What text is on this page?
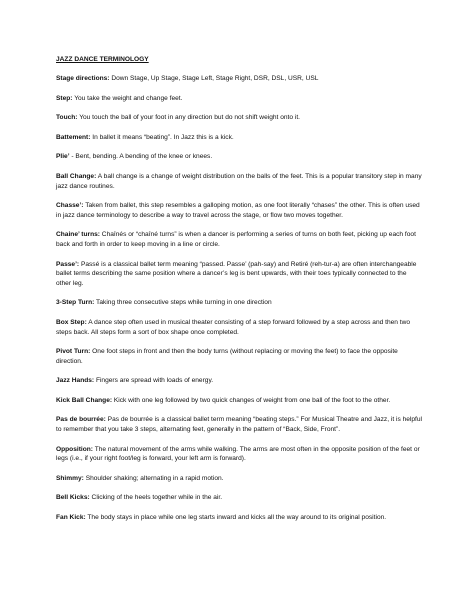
JAZZ DANCE TERMINOLOGY

Stage directions: Down Stage, Up Stage, Stage Left, Stage Right, DSR, DSL, USR, USL

Step: You take the weight and change feet.

Touch: You touch the ball of your foot in any direction but do not shift weight onto it.

Battement: In ballet it means “beating”. In Jazz this is a kick.

Plie’ - Bent, bending. A bending of the knee or knees.

Ball Change: A ball change is a change of weight distribution on the balls of the feet. This is a popular transitory step in many jazz dance routines.

Chasse’: Taken from ballet, this step resembles a galloping motion, as one foot literally “chases” the other. This is often used in jazz dance terminology to describe a way to travel across the stage, or flow two moves together.

Chaine’ turns: Chaînés or “chaîné turns” is when a dancer is performing a series of turns on both feet, picking up each foot back and forth in order to keep moving in a line or circle.

Passe’: Passé is a classical ballet term meaning “passed. Passe’ (pah-say) and Retiré (reh-tur-a) are often interchangeable ballet terms describing the same position where a dancer’s leg is bent upwards, with their toes typically connected to the other leg.

3-Step Turn: Taking three consecutive steps while turning in one direction

Box Step: A dance step often used in musical theater consisting of a step forward followed by a step across and then two steps back. All steps form a sort of box shape once completed.

Pivot Turn: One foot steps in front and then the body turns (without replacing or moving the feet) to face the opposite direction.

Jazz Hands: Fingers are spread with loads of energy.

Kick Ball Change: Kick with one leg followed by two quick changes of weight from one ball of the foot to the other.

Pas de bourrée: Pas de bourrée is a classical ballet term meaning “beating steps.” For Musical Theatre and Jazz, it is helpful to remember that you take 3 steps, alternating feet, generally in the pattern of “Back, Side, Front”.

Opposition: The natural movement of the arms while walking. The arms are most often in the opposite position of the feet or legs (i.e., if your right foot/leg is forward, your left arm is forward).

Shimmy: Shoulder shaking; alternating in a rapid motion.

Bell Kicks: Clicking of the heels together while in the air.

Fan Kick: The body stays in place while one leg starts inward and kicks all the way around to its original position.
